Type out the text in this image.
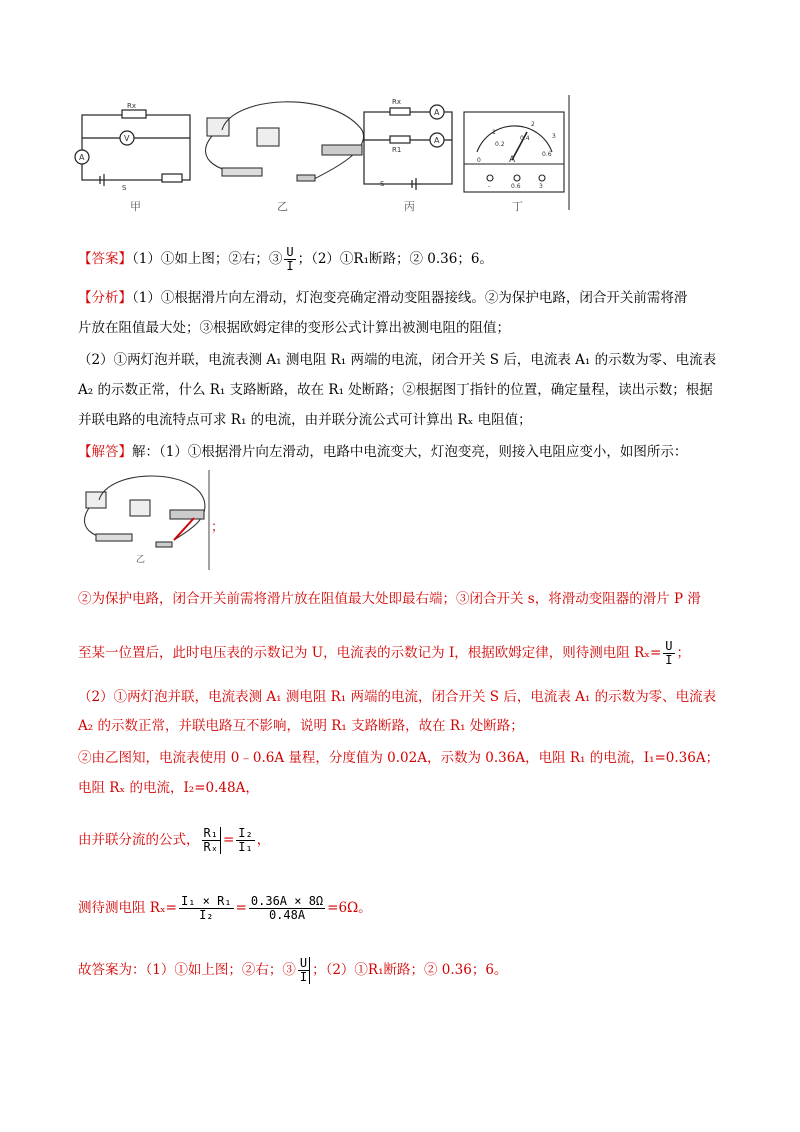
Rx
V
A
S
甲	乙
Rx
R1
A
A
S
丙
0
0.2
0.4
0.6
1
2
3
A
-	0.6	3
丁
【答案】（1）①如上图；②右；③ $\frac{U}{I}$ ；（2）①R₁断路；② 0.36；6。
【分析】（1）①根据滑片向左滑动，灯泡变亮确定滑动变阻器接线。②为保护电路，闭合开关前需将滑
片放在阻值最大处；③根据欧姆定律的变形公式计算出被测电阻的阻值；
（2）①两灯泡并联，电流表测 A₁ 测电阻 R₁ 两端的电流，闭合开关 S 后，电流表 A₁ 的示数为零、电流表
A₂ 的示数正常，什么 R₁ 支路断路，故在 R₁ 处断路；②根据图丁指针的位置，确定量程，读出示数；根据
并联电路的电流特点可求 R₁ 的电流，由并联分流公式可计算出 Rₓ 电阻值；
【解答】解：（1）①根据滑片向左滑动，电路中电流变大，灯泡变亮，则接入电阻应变小，如图所示：
乙
；
②为保护电路，闭合开关前需将滑片放在阻值最大处即最右端；③闭合开关 s，将滑动变阻器的滑片 P 滑
至某一位置后，此时电压表的示数记为 U，电流表的示数记为 I，根据欧姆定律，则待测电阻 $R_x= \frac{U}{I}$ ；
（2）①两灯泡并联，电流表测 A₁ 测电阻 R₁ 两端的电流，闭合开关 S 后，电流表 A₁ 的示数为零、电流表
A₂ 的示数正常，并联电路互不影响，说明 R₁ 支路断路，故在 R₁ 处断路；
②由乙图知，电流表使用 0﹣0.6A 量程，分度值为 0.02A，示数为 0.36A，电阻 R₁ 的电流，I₁=0.36A；
电阻 Rₓ 的电流，I₂=0.48A，
由并联分流的公式， $\frac{\text{R₁}}{\text{Rₓ}} = \frac{\text{I₂}}{\text{I₁}}$ ，
测待测电阻 $R_x= \frac{\text{I₁ × R₁}}{\text{I₂}} = \frac{0.36A \times 8\Omega}{0.48A} =6\Omega$。
故答案为：（1）①如上图；②右；③ $\frac{U}{I}$ ；（2）①R₁断路；② 0.36；6。
